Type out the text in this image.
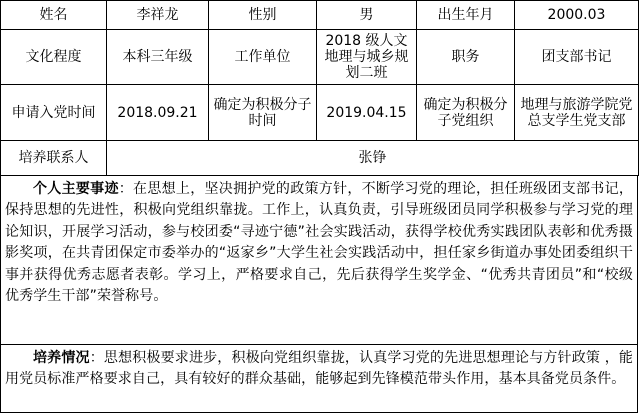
姓名	李祥龙	性别	男	出生年月	2000.03
文化程度	本科三年级	工作单位	2018 级人文地理与城乡规划二班	职务	团支部书记
申请入党时间	2018.09.21	确定为积极分子时间	2019.04.15	确定为积极分子党组织	地理与旅游学院党总支学生党支部
培养联系人	张铮				

个人主要事迹：在思想上，坚决拥护党的政策方针，不断学习党的理论，担任班级团支部书记，保持思想的先进性，积极向党组织靠拢。工作上，认真负责，引导班级团员同学积极参与学习党的理论知识，开展学习活动，参与校团委“寻迹宁德”社会实践活动，获得学校优秀实践团队表彰和优秀摄影奖项，在共青团保定市委举办的“返家乡”大学生社会实践活动中，担任家乡街道办事处团委组织干事并获得优秀志愿者表彰。学习上，严格要求自己，先后获得学生奖学金、“优秀共青团员”和“校级优秀学生干部”荣誉称号。

培养情况：思想积极要求进步，积极向党组织靠拢，认真学习党的先进思想理论与方针政策 ，能用党员标准严格要求自己，具有较好的群众基础，能够起到先锋模范带头作用，基本具备党员条件。
